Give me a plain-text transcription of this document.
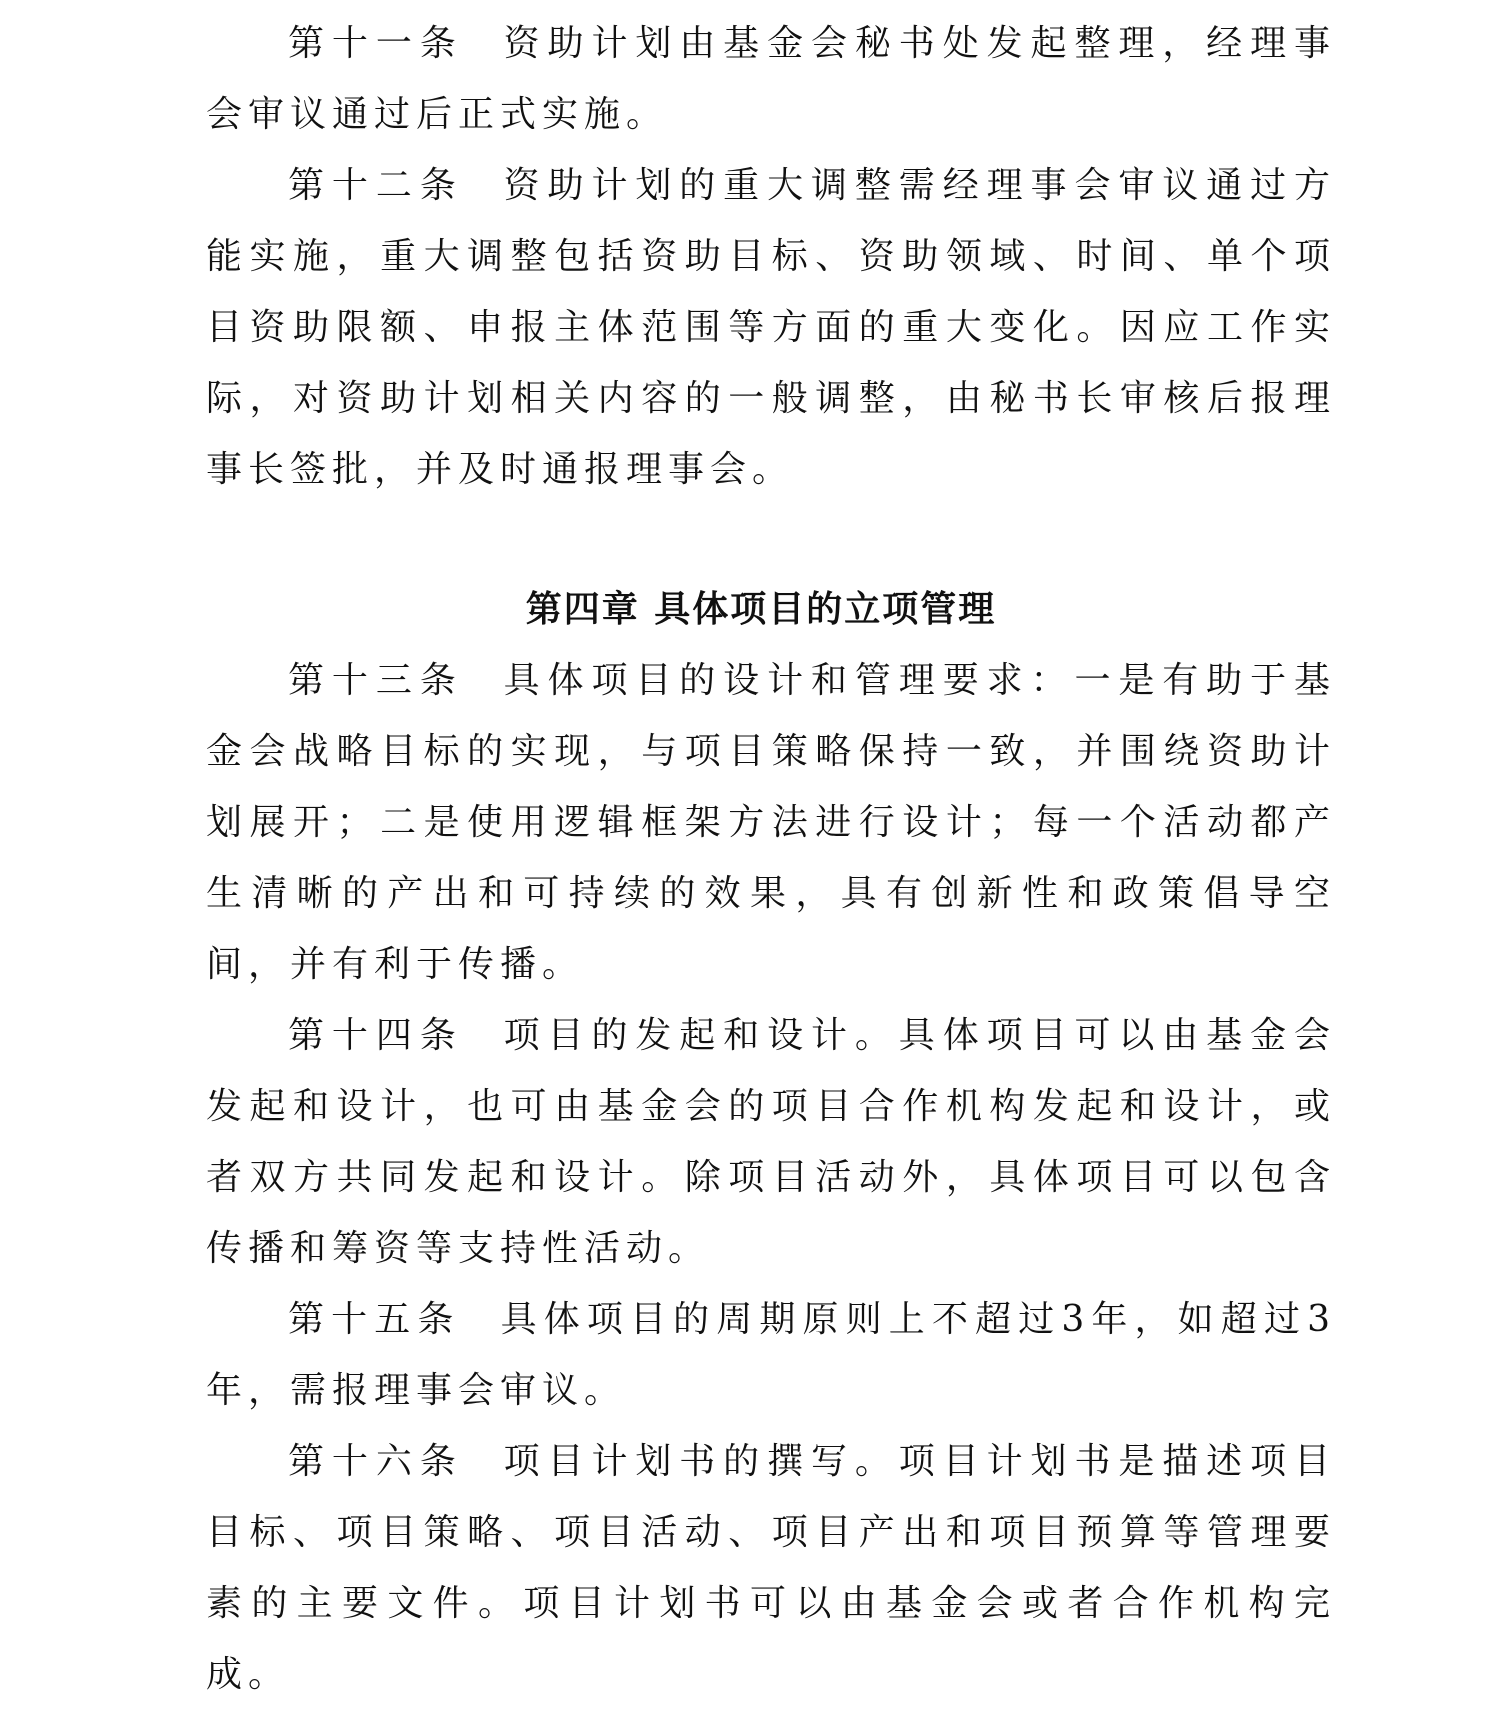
第十一条 资助计划由基金会秘书处发起整理，经理事会审议通过后正式实施。

第十二条 资助计划的重大调整需经理事会审议通过方能实施，重大调整包括资助目标、资助领域、时间、单个项目资助限额、申报主体范围等方面的重大变化。因应工作实际，对资助计划相关内容的一般调整，由秘书长审核后报理事长签批，并及时通报理事会。

第四章 具体项目的立项管理

第十三条 具体项目的设计和管理要求：一是有助于基金会战略目标的实现，与项目策略保持一致，并围绕资助计划展开；二是使用逻辑框架方法进行设计；每一个活动都产生清晰的产出和可持续的效果，具有创新性和政策倡导空间，并有利于传播。

第十四条 项目的发起和设计。具体项目可以由基金会发起和设计，也可由基金会的项目合作机构发起和设计，或者双方共同发起和设计。除项目活动外，具体项目可以包含传播和筹资等支持性活动。

第十五条 具体项目的周期原则上不超过3年，如超过3年，需报理事会审议。

第十六条 项目计划书的撰写。项目计划书是描述项目目标、项目策略、项目活动、项目产出和项目预算等管理要素的主要文件。项目计划书可以由基金会或者合作机构完成。
